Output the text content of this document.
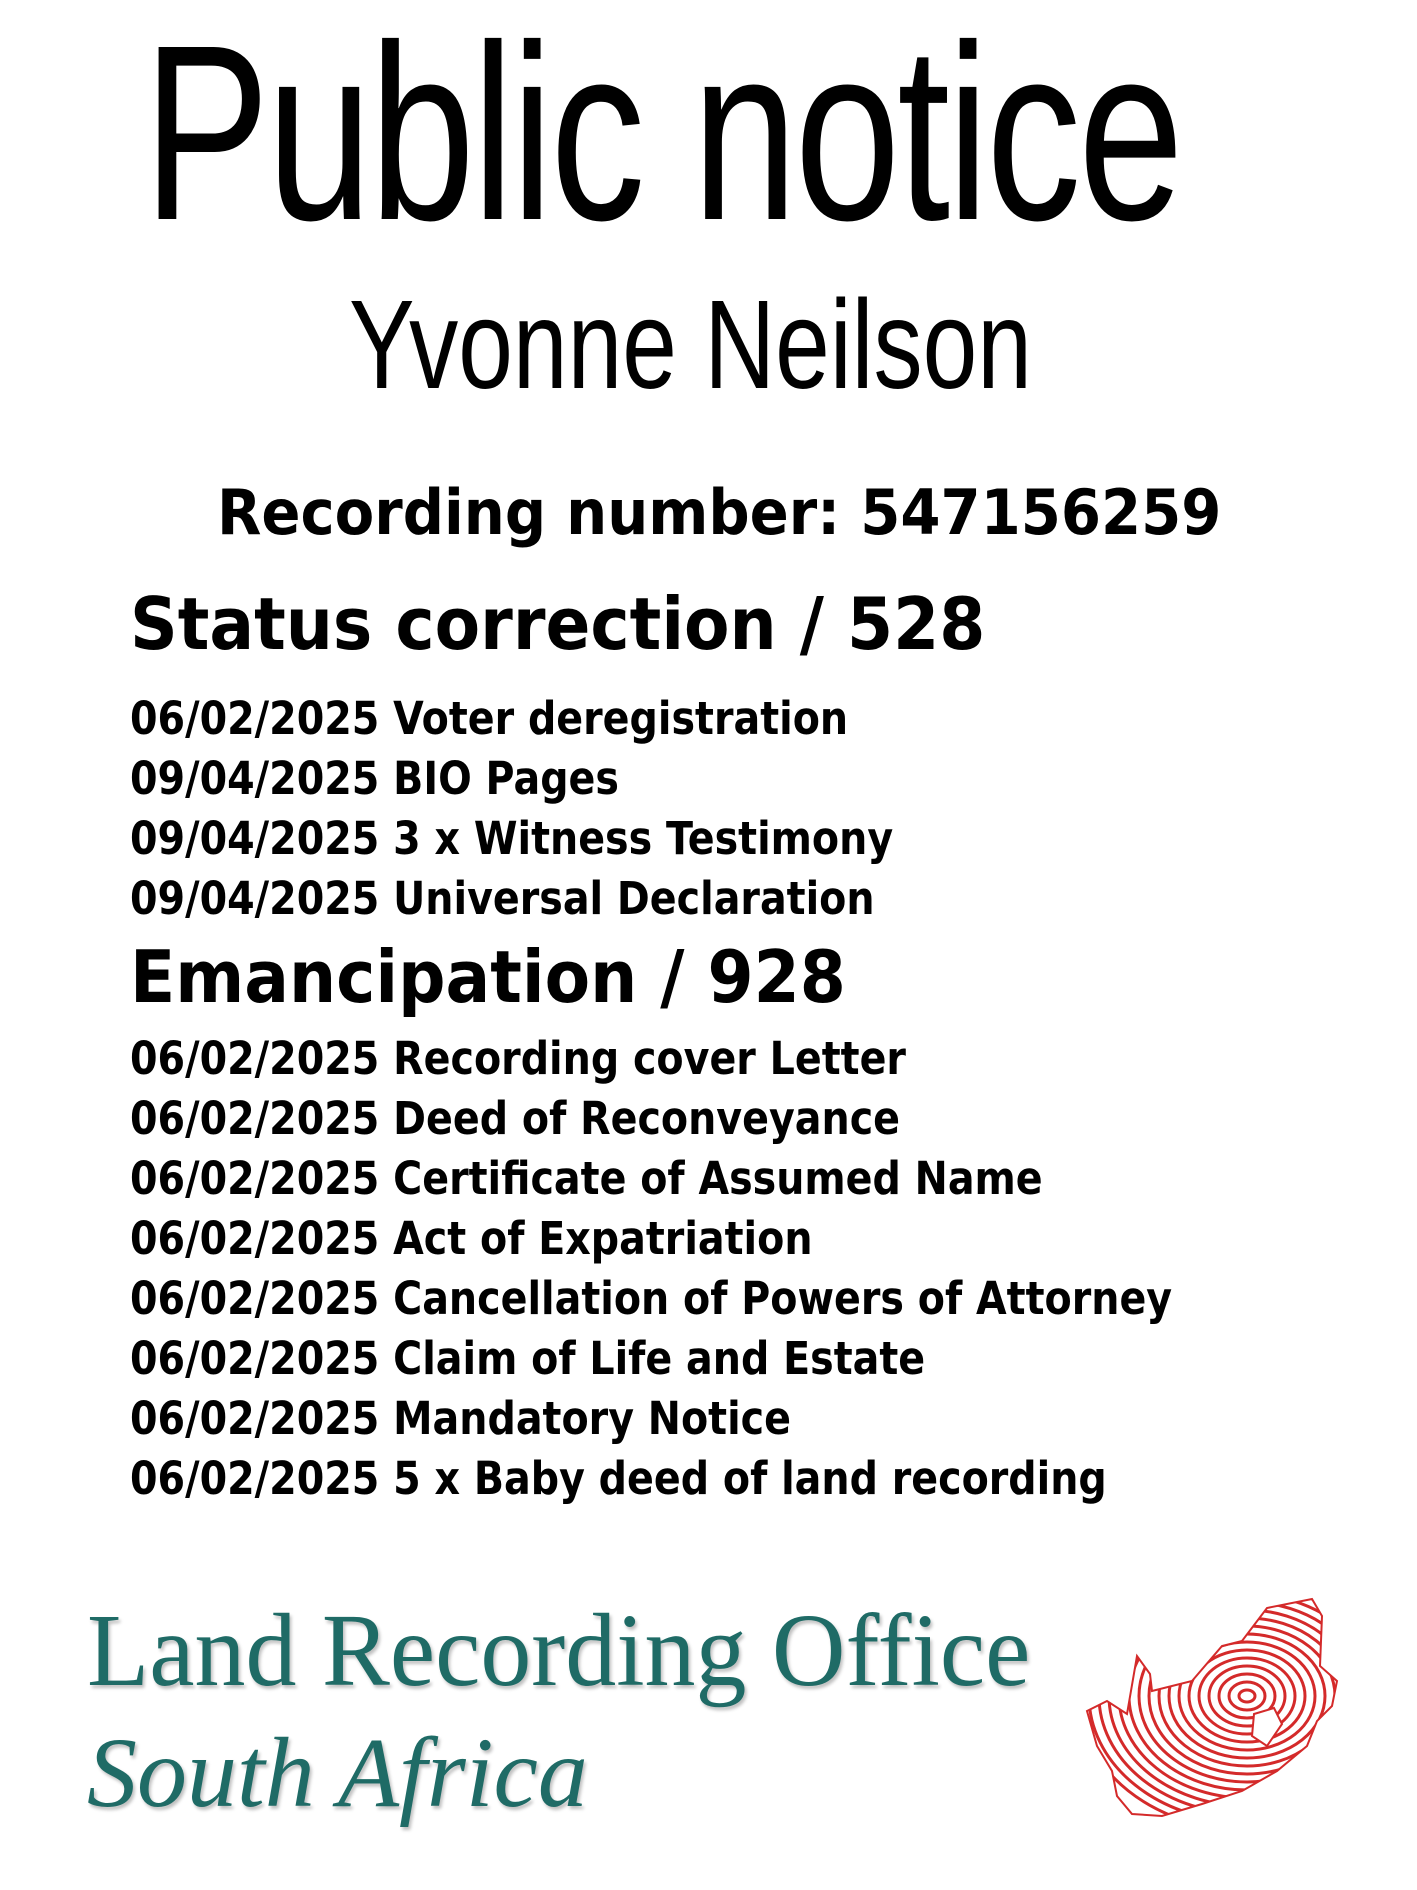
Public notice
Yvonne Neilson
Recording number: 547156259
Status correction / 528
06/02/2025 Voter deregistration
09/04/2025 BIO Pages
09/04/2025 3 x Witness Testimony
09/04/2025 Universal Declaration
Emancipation / 928
06/02/2025 Recording cover Letter
06/02/2025 Deed of Reconveyance
06/02/2025 Certificate of Assumed Name
06/02/2025 Act of Expatriation
06/02/2025 Cancellation of Powers of Attorney
06/02/2025 Claim of Life and Estate
06/02/2025 Mandatory Notice
06/02/2025 5 x Baby deed of land recording
Land Recording Office
South Africa
